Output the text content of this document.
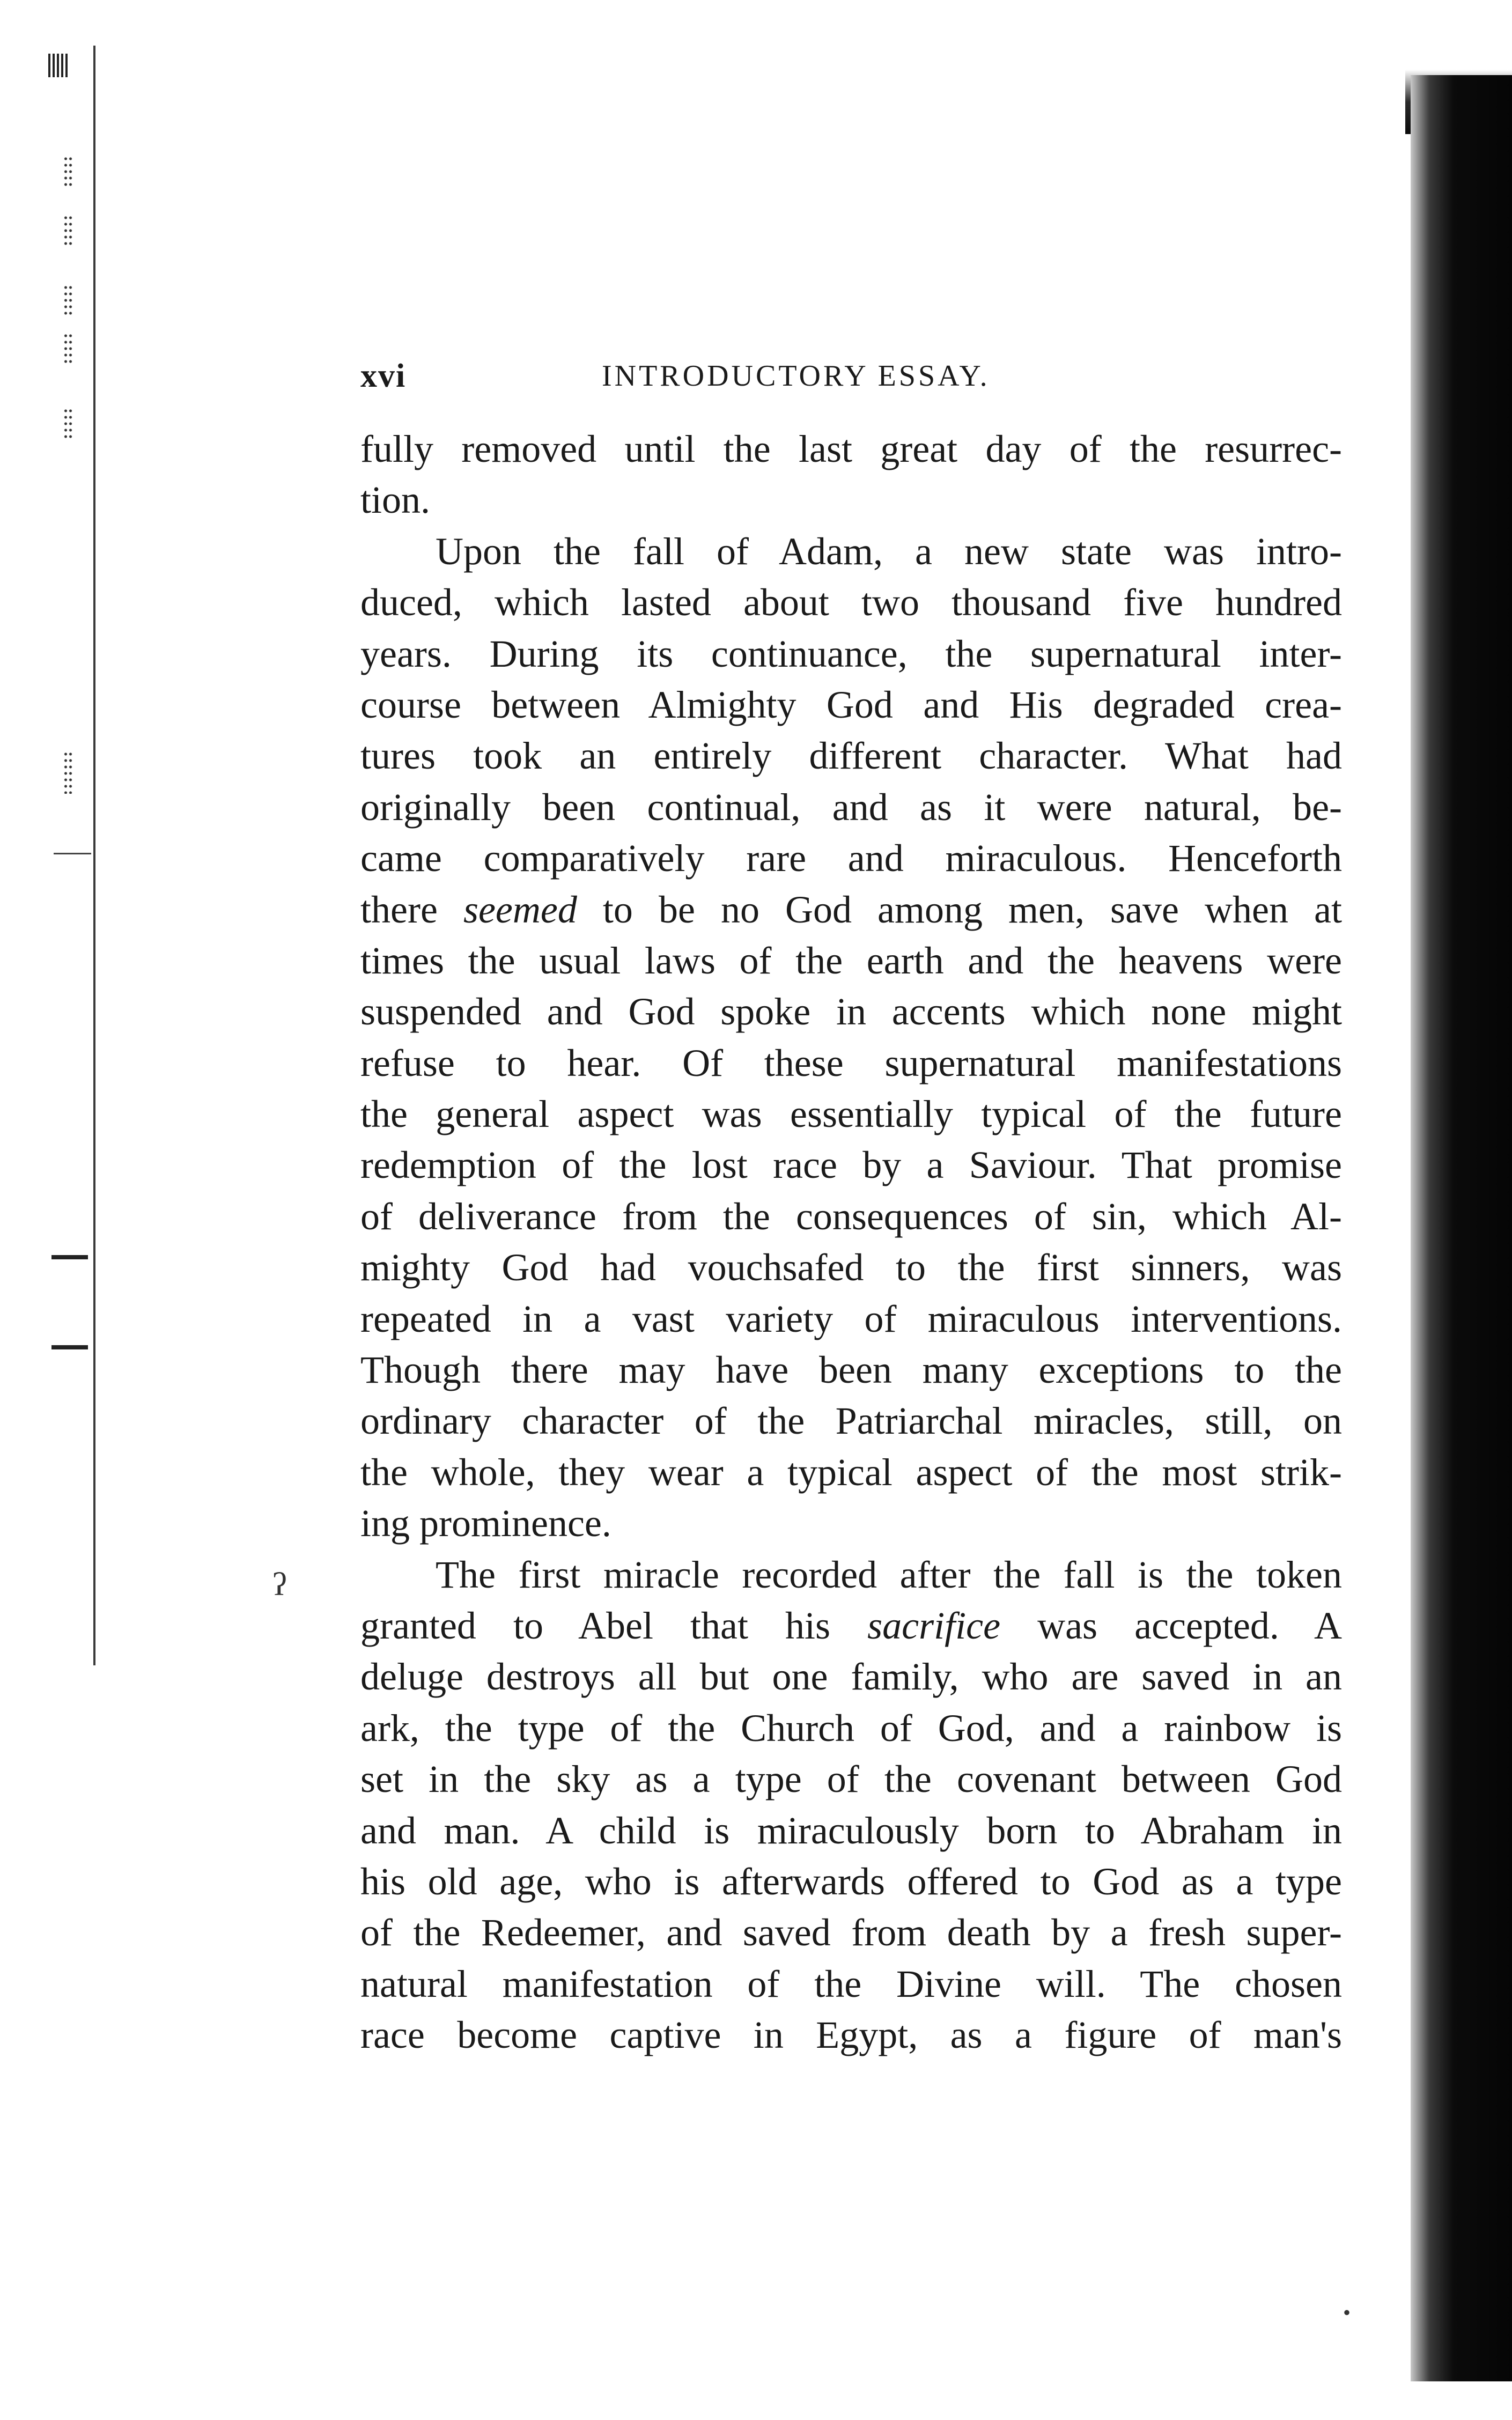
ʔ
•
xvi	INTRODUCTORY ESSAY.
fully removed until the last great day of the resurrec-
tion.
Upon the fall of Adam, a new state was intro-
duced, which lasted about two thousand five hundred
years. During its continuance, the supernatural inter-
course between Almighty God and His degraded crea-
tures took an entirely different character. What had
originally been continual, and as it were natural, be-
came comparatively rare and miraculous. Henceforth
there seemed to be no God among men, save when at
times the usual laws of the earth and the heavens were
suspended and God spoke in accents which none might
refuse to hear. Of these supernatural manifestations
the general aspect was essentially typical of the future
redemption of the lost race by a Saviour. That promise
of deliverance from the consequences of sin, which Al-
mighty God had vouchsafed to the first sinners, was
repeated in a vast variety of miraculous interventions.
Though there may have been many exceptions to the
ordinary character of the Patriarchal miracles, still, on
the whole, they wear a typical aspect of the most strik-
ing prominence.
The first miracle recorded after the fall is the token
granted to Abel that his sacrifice was accepted. A
deluge destroys all but one family, who are saved in an
ark, the type of the Church of God, and a rainbow is
set in the sky as a type of the covenant between God
and man. A child is miraculously born to Abraham in
his old age, who is afterwards offered to God as a type
of the Redeemer, and saved from death by a fresh super-
natural manifestation of the Divine will. The chosen
race become captive in Egypt, as a figure of man's
